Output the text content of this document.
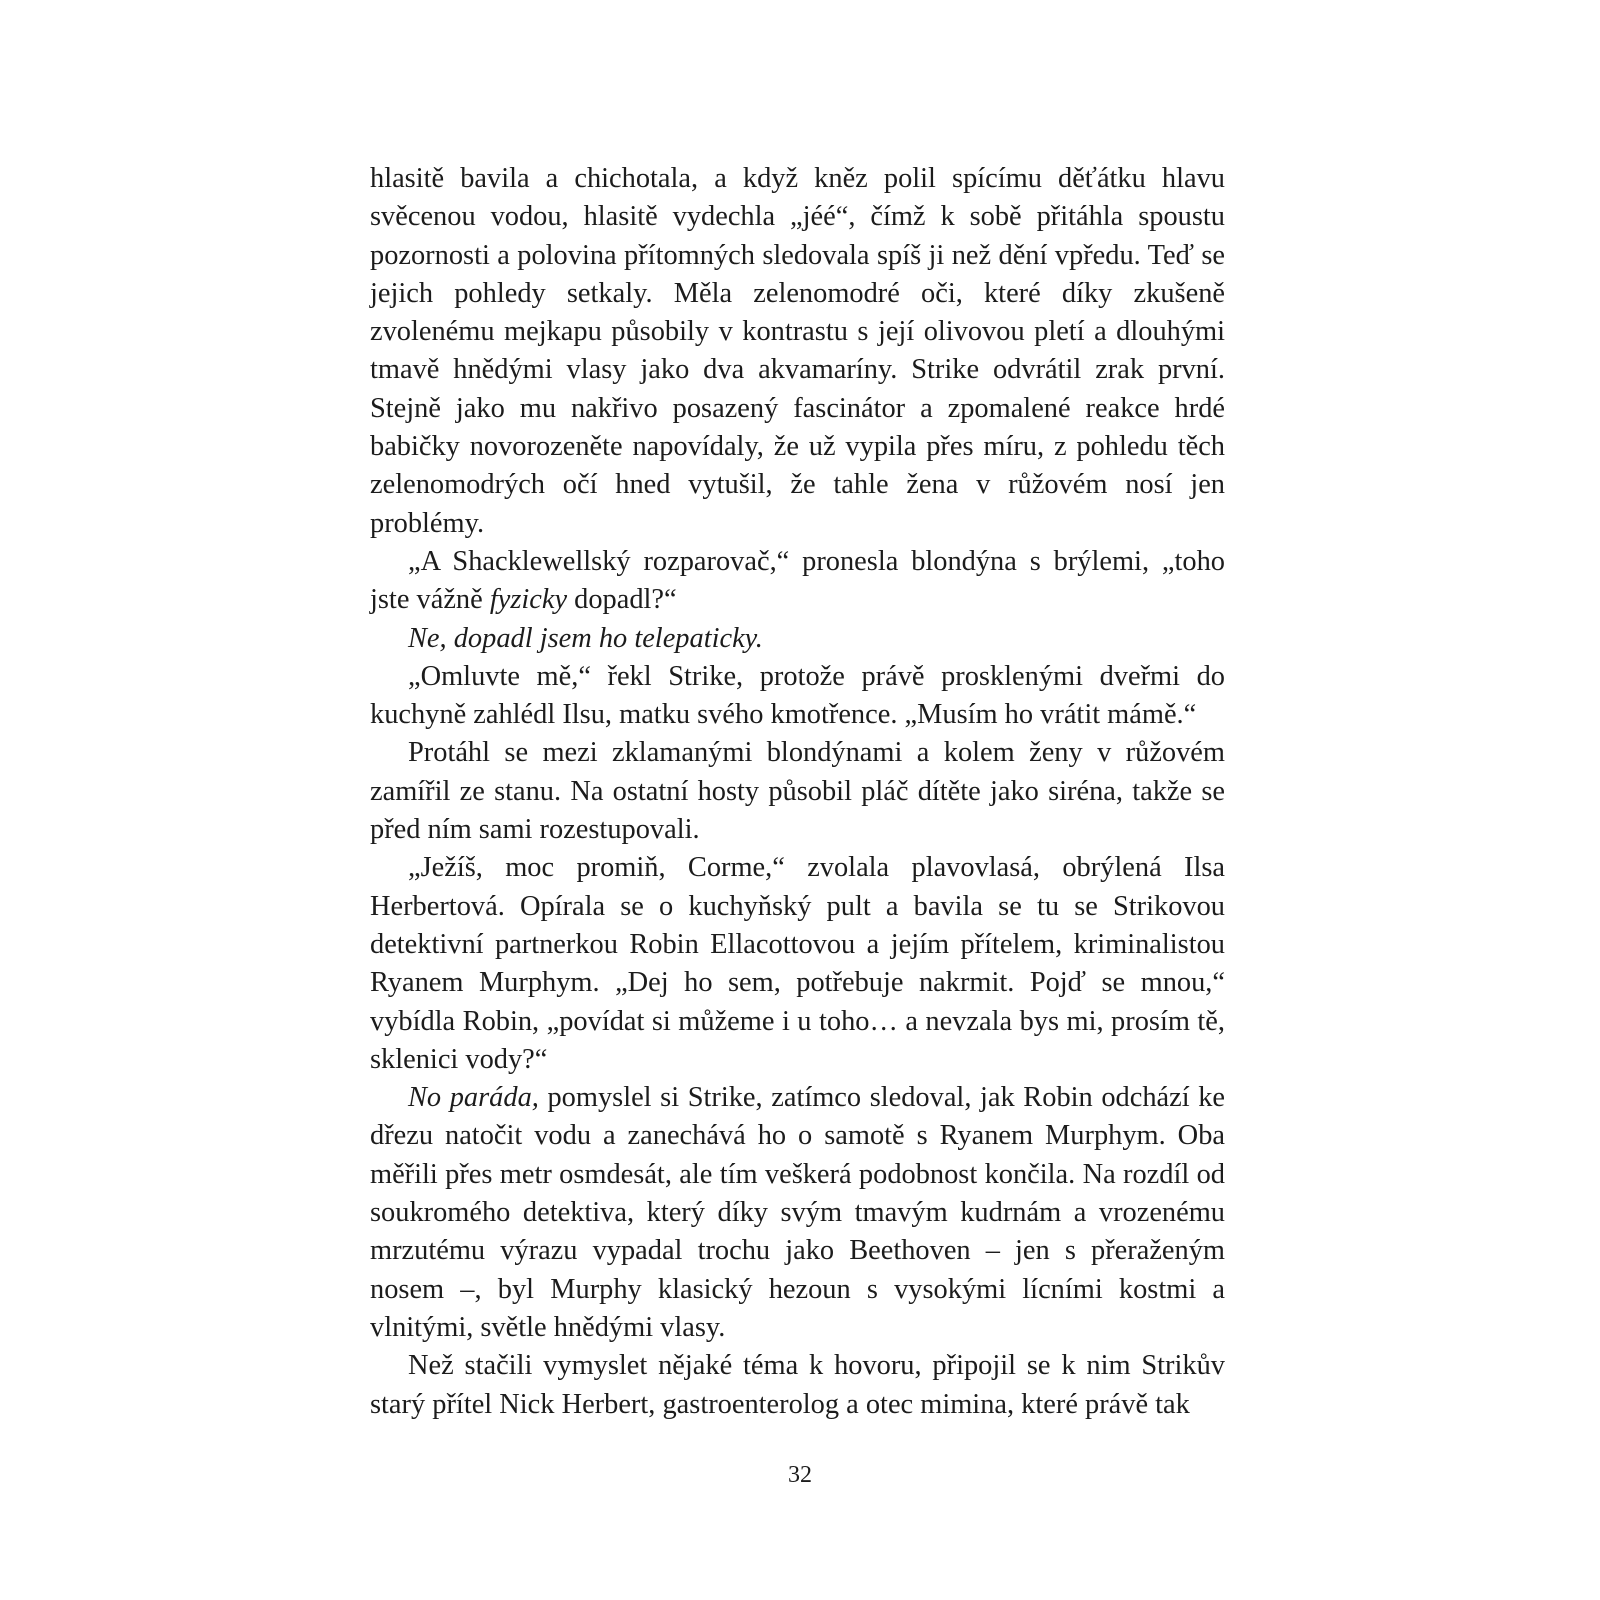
hlasitě bavila a chichotala, a když kněz polil spícímu děťátku hlavu svěcenou vodou, hlasitě vydechla „jéé“, čímž k sobě přitáhla spoustu pozornosti a polovina přítomných sledovala spíš ji než dění vpředu. Teď se jejich pohledy setkaly. Měla zelenomodré oči, které díky zkušeně zvolenému mejkapu působily v kontrastu s její olivovou pletí a dlouhými tmavě hnědými vlasy jako dva akvamaríny. Strike odvrátil zrak první. Stejně jako mu nakřivo posazený fascinátor a zpomalené reakce hrdé babičky novorozeněte napovídaly, že už vypila přes míru, z pohledu těch zelenomodrých očí hned vytušil, že tahle žena v růžovém nosí jen problémy.

„A Shacklewellský rozparovač,“ pronesla blondýna s brýlemi, „toho jste vážně fyzicky dopadl?“

Ne, dopadl jsem ho telepaticky.

„Omluvte mě,“ řekl Strike, protože právě prosklenými dveřmi do kuchyně zahlédl Ilsu, matku svého kmotřence. „Musím ho vrátit mámě.“

Protáhl se mezi zklamanými blondýnami a kolem ženy v růžovém zamířil ze stanu. Na ostatní hosty působil pláč dítěte jako siréna, takže se před ním sami rozestupovali.

„Ježíš, moc promiň, Corme,“ zvolala plavovlasá, obrýlená Ilsa Herbertová. Opírala se o kuchyňský pult a bavila se tu se Strikovou detektivní partnerkou Robin Ellacottovou a jejím přítelem, kriminalistou Ryanem Murphym. „Dej ho sem, potřebuje nakrmit. Pojď se mnou,“ vybídla Robin, „povídat si můžeme i u toho… a nevzala bys mi, prosím tě, sklenici vody?“

No paráda, pomyslel si Strike, zatímco sledoval, jak Robin odchází ke dřezu natočit vodu a zanechává ho o samotě s Ryanem Murphym. Oba měřili přes metr osmdesát, ale tím veškerá podobnost končila. Na rozdíl od soukromého detektiva, který díky svým tmavým kudrnám a vrozenému mrzutému výrazu vypadal trochu jako Beethoven – jen s přeraženým nosem –, byl Murphy klasický hezoun s vysokými lícními kostmi a vlnitými, světle hnědými vlasy.

Než stačili vymyslet nějaké téma k hovoru, připojil se k nim Strikův starý přítel Nick Herbert, gastroenterolog a otec mimina, které právě tak

32
